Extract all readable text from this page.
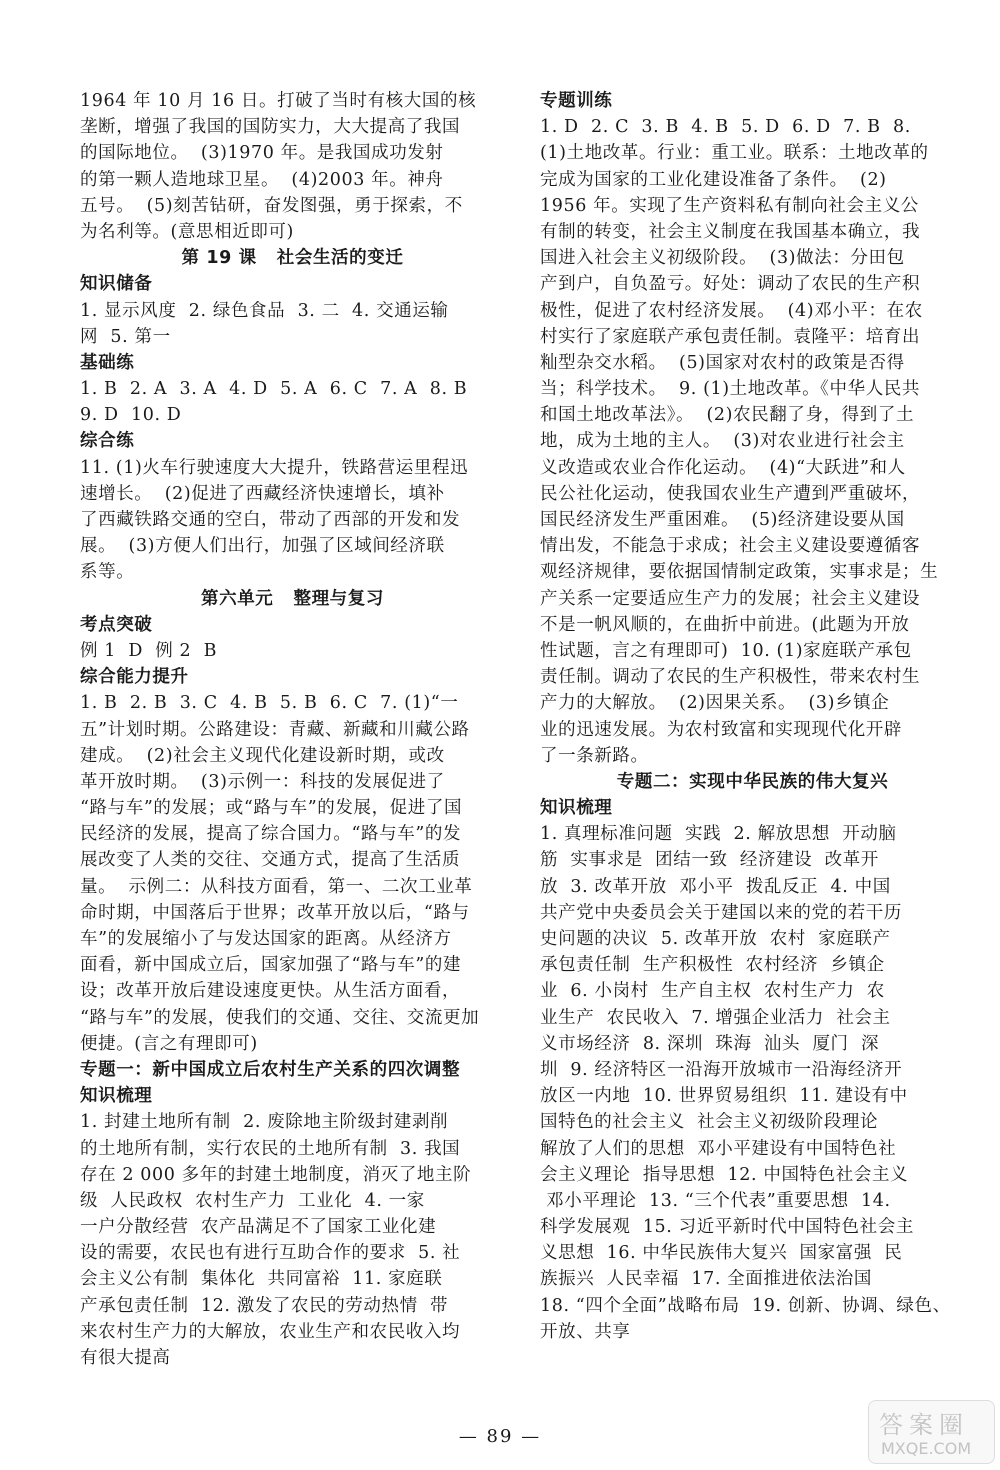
1964 年 10 月 16 日。打破了当时有核大国的核
垄断，增强了我国的国防实力，大大提高了我国
的国际地位。  (3)1970 年。是我国成功发射
的第一颗人造地球卫星。  (4)2003 年。神舟
五号。  (5)刻苦钻研，奋发图强，勇于探索，不
为名利等。(意思相近即可)
第 19 课   社会生活的变迁
知识储备
1. 显示风度  2. 绿色食品  3. 二  4. 交通运输
网  5. 第一
基础练
1. B  2. A  3. A  4. D  5. A  6. C  7. A  8. B
9. D  10. D
综合练
11. (1)火车行驶速度大大提升，铁路营运里程迅
速增长。  (2)促进了西藏经济快速增长，填补
了西藏铁路交通的空白，带动了西部的开发和发
展。  (3)方便人们出行，加强了区域间经济联
系等。
第六单元   整理与复习
考点突破
例 1  D  例 2  B
综合能力提升
1. B  2. B  3. C  4. B  5. B  6. C  7. (1)“一
五”计划时期。公路建设：青藏、新藏和川藏公路
建成。  (2)社会主义现代化建设新时期，或改
革开放时期。  (3)示例一：科技的发展促进了
“路与车”的发展；或“路与车”的发展，促进了国
民经济的发展，提高了综合国力。“路与车”的发
展改变了人类的交往、交通方式，提高了生活质
量。  示例二：从科技方面看，第一、二次工业革
命时期，中国落后于世界；改革开放以后，“路与
车”的发展缩小了与发达国家的距离。从经济方
面看，新中国成立后，国家加强了“路与车”的建
设；改革开放后建设速度更快。从生活方面看，
“路与车”的发展，使我们的交通、交往、交流更加
便捷。(言之有理即可)
专题一：新中国成立后农村生产关系的四次调整
知识梳理
1. 封建土地所有制  2. 废除地主阶级封建剥削
的土地所有制，实行农民的土地所有制  3. 我国
存在 2 000 多年的封建土地制度，消灭了地主阶
级  人民政权  农村生产力  工业化  4. 一家
一户分散经营  农产品满足不了国家工业化建
设的需要，农民也有进行互助合作的要求  5. 社
会主义公有制  集体化  共同富裕  11. 家庭联
产承包责任制  12. 激发了农民的劳动热情  带
来农村生产力的大解放，农业生产和农民收入均
有很大提高
专题训练
1. D  2. C  3. B  4. B  5. D  6. D  7. B  8.
(1)土地改革。行业：重工业。联系：土地改革的
完成为国家的工业化建设准备了条件。  (2)
1956 年。实现了生产资料私有制向社会主义公
有制的转变，社会主义制度在我国基本确立，我
国进入社会主义初级阶段。  (3)做法：分田包
产到户，自负盈亏。好处：调动了农民的生产积
极性，促进了农村经济发展。  (4)邓小平：在农
村实行了家庭联产承包责任制。袁隆平：培育出
籼型杂交水稻。  (5)国家对农村的政策是否得
当；科学技术。  9. (1)土地改革。《中华人民共
和国土地改革法》。  (2)农民翻了身，得到了土
地，成为土地的主人。  (3)对农业进行社会主
义改造或农业合作化运动。  (4)“大跃进”和人
民公社化运动，使我国农业生产遭到严重破坏，
国民经济发生严重困难。  (5)经济建设要从国
情出发，不能急于求成；社会主义建设要遵循客
观经济规律，要依据国情制定政策，实事求是；生
产关系一定要适应生产力的发展；社会主义建设
不是一帆风顺的，在曲折中前进。(此题为开放
性试题，言之有理即可)  10. (1)家庭联产承包
责任制。调动了农民的生产积极性，带来农村生
产力的大解放。  (2)因果关系。  (3)乡镇企
业的迅速发展。为农村致富和实现现代化开辟
了一条新路。
专题二：实现中华民族的伟大复兴
知识梳理
1. 真理标准问题  实践  2. 解放思想  开动脑
筋  实事求是  团结一致  经济建设  改革开
放  3. 改革开放  邓小平  拨乱反正  4. 中国
共产党中央委员会关于建国以来的党的若干历
史问题的决议  5. 改革开放  农村  家庭联产
承包责任制  生产积极性  农村经济  乡镇企
业  6. 小岗村  生产自主权  农村生产力  农
业生产  农民收入  7. 增强企业活力  社会主
义市场经济  8. 深圳  珠海  汕头  厦门  深
圳  9. 经济特区一沿海开放城市一沿海经济开
放区一内地  10. 世界贸易组织  11. 建设有中
国特色的社会主义  社会主义初级阶段理论
解放了人们的思想  邓小平建设有中国特色社
会主义理论  指导思想  12. 中国特色社会主义
邓小平理论  13. “三个代表”重要思想  14.
科学发展观  15. 习近平新时代中国特色社会主
义思想  16. 中华民族伟大复兴  国家富强  民
族振兴  人民幸福  17. 全面推进依法治国
18. “四个全面”战略布局  19. 创新、协调、绿色、
开放、共享
— 89 —	答案圈
MXQE.COM
